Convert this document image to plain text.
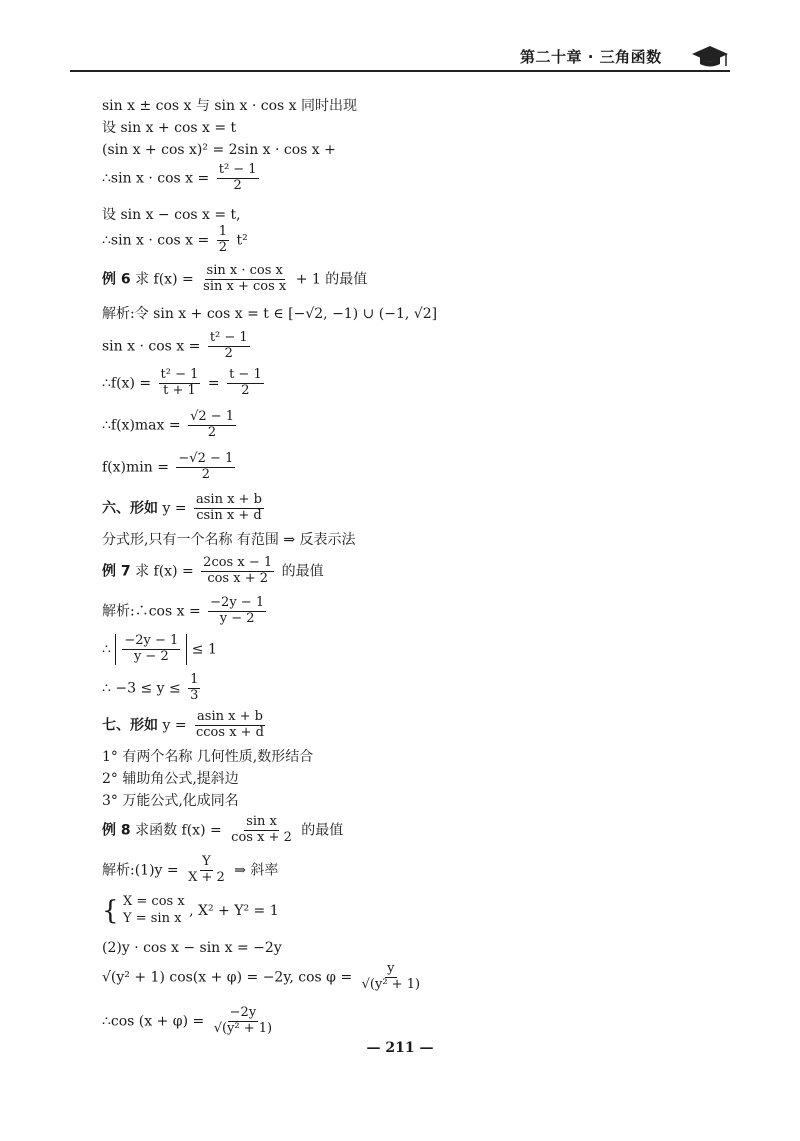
第二十章 · 三角函数
sin x ± cos x 与 sin x · cos x 同时出现
设 sin x + cos x = t
(sin x + cos x)² = 2sin x · cos x +
∴sin $x \cdot \cos x = \frac{\text{t² − 1}}{2}$
设 sin x − cos x = t,
∴sin $x \cdot \cos x = \frac{1}{2} t^2$
例 6 求 $f(x) = \frac{\text{sin x · cos x}}{\text{sin x + cos x}} + 1$ 的最值
解析:令 sin x + cos x = t ∈ [−√2, −1) ∪ (−1, √2]
$\sin x \cdot \cos x = \frac{\text{t² − 1}}{2}$
∴f(x) = $\frac{\text{t² − 1}}{t + 1} = \frac{t - 1}{2}$
∴f(x)max = $\frac{√2 - 1}{2}$
$f(x)\min = \frac{-√2 - 1}{2}$
六、形如 $y = \frac{\text{asin x + b}}{\text{csin x + d}}$
分式形,只有一个名称 有范围 ⇒ 反表示法
例 7 求 $f(x) = \frac{\text{2cos x − 1}}{\text{cos x + 2}}$ 的最值
解析:∴cos $x = \frac{-2y - 1}{y - 2}$
∴ $\frac{-2y - 1}{y - 2} \le 1$
∴ $-3 \le y \le \frac{1}{3}$
七、形如 $y = \frac{\text{asin x + b}}{\text{ccos x + d}}$
1° 有两个名称 几何性质,数形结合
2° 辅助角公式,提斜边
3° 万能公式,化成同名
例 8 求函数 $f(x) = \frac{\text{sin x}}{\text{cos x + 2}}$ 的最值
解析:(1)y = $\frac{Y}{X + 2}$ ⇒ 斜率
{ X = cos x
Y = sin x , X² + Y² = 1
(2)y · cos x − sin x = −2y
√(y² + 1) cos(x + φ) = −2y, $\cos \varphi = \frac{y}{\text{√(y² + 1)}}$
∴cos $(x + \varphi) = \frac{-2y}{\text{√(y² + 1)}}$
— 211 —
